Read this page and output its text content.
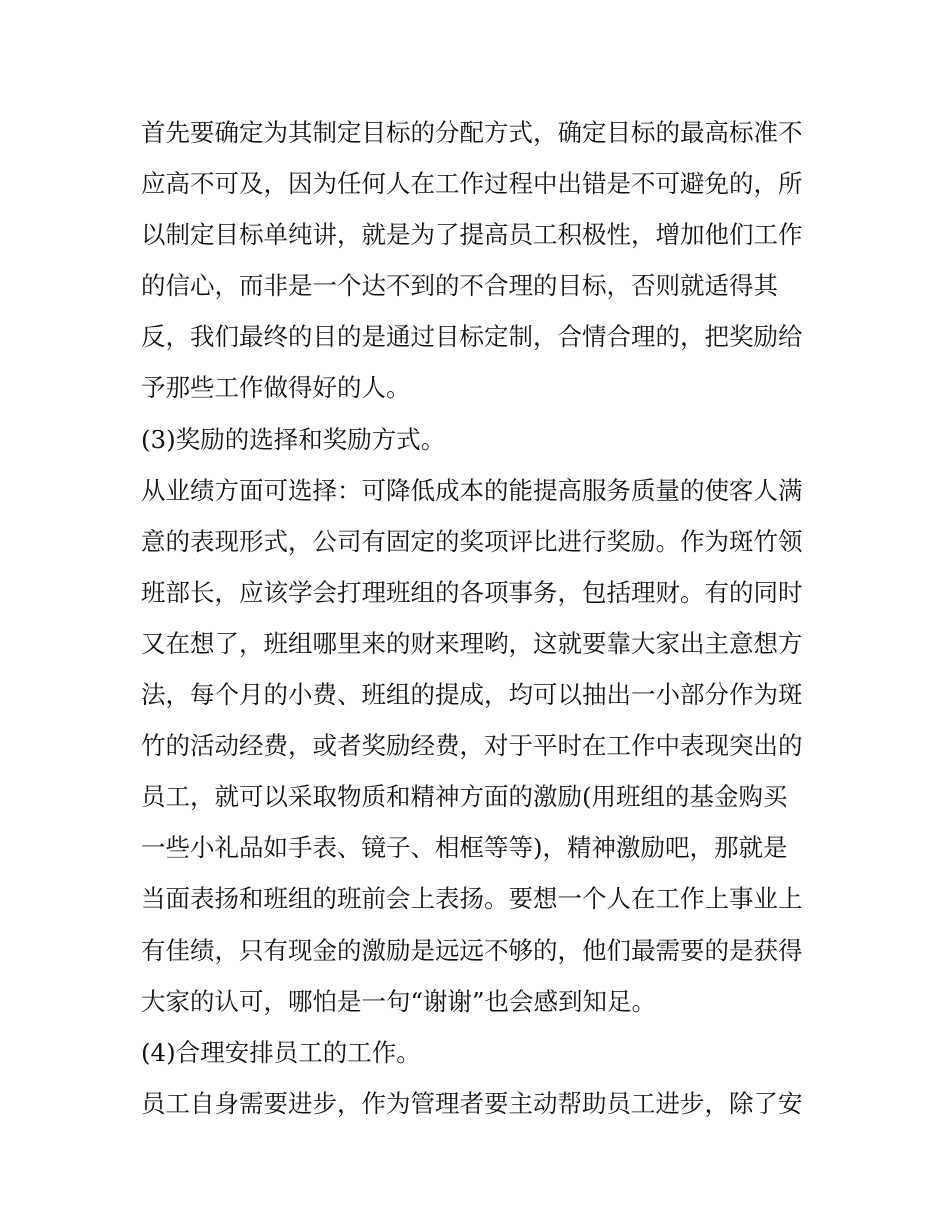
首先要确定为其制定目标的分配方式，确定目标的最高标准不
应高不可及，因为任何人在工作过程中出错是不可避免的，所
以制定目标单纯讲，就是为了提高员工积极性，增加他们工作
的信心，而非是一个达不到的不合理的目标，否则就适得其
反，我们最终的目的是通过目标定制，合情合理的，把奖励给
予那些工作做得好的人。
(3)奖励的选择和奖励方式。
从业绩方面可选择：可降低成本的能提高服务质量的使客人满
意的表现形式，公司有固定的奖项评比进行奖励。作为斑竹领
班部长，应该学会打理班组的各项事务，包括理财。有的同时
又在想了，班组哪里来的财来理哟，这就要靠大家出主意想方
法，每个月的小费、班组的提成，均可以抽出一小部分作为斑
竹的活动经费，或者奖励经费，对于平时在工作中表现突出的
员工，就可以采取物质和精神方面的激励(用班组的基金购买
一些小礼品如手表、镜子、相框等等)，精神激励吧，那就是
当面表扬和班组的班前会上表扬。要想一个人在工作上事业上
有佳绩，只有现金的激励是远远不够的，他们最需要的是获得
大家的认可，哪怕是一句“谢谢”也会感到知足。
(4)合理安排员工的工作。
员工自身需要进步，作为管理者要主动帮助员工进步，除了安
